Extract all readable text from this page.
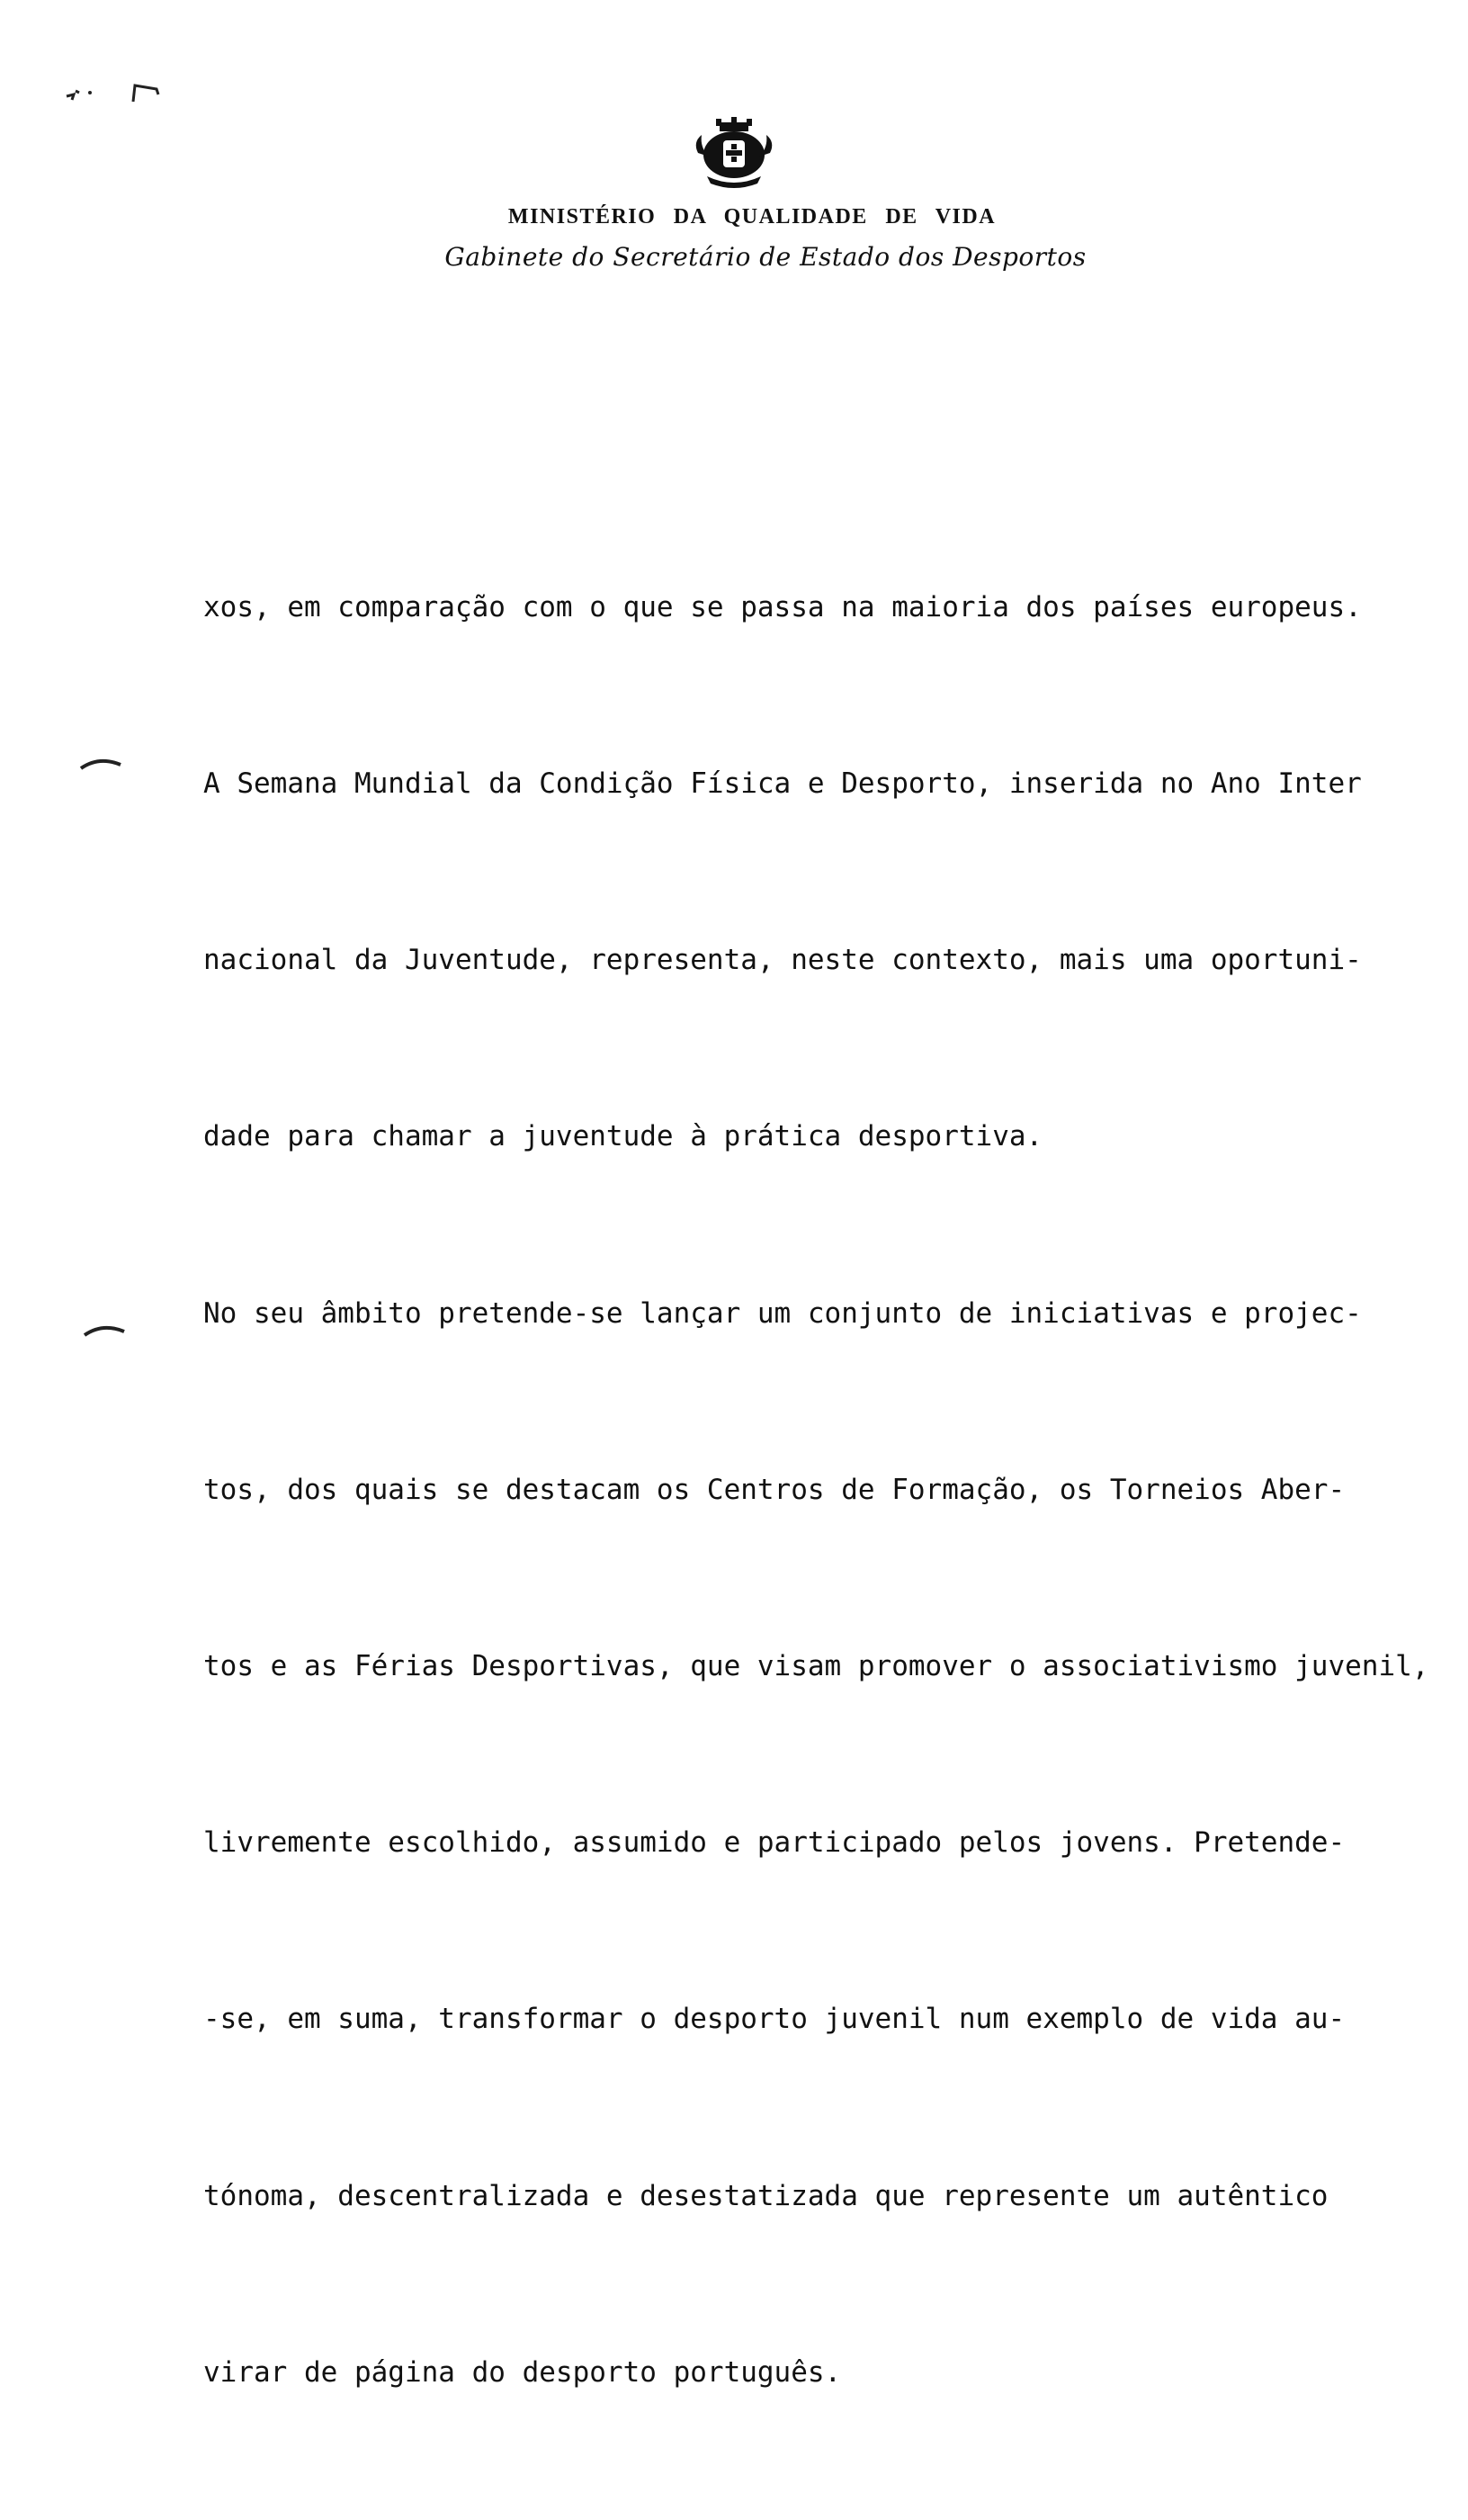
MINISTÉRIO DA QUALIDADE DE VIDA
Gabinete do Secretário de Estado dos Desportos

xos, em comparação com o que se passa na maioria dos países europeus.

A Semana Mundial da Condição Física e Desporto, inserida no Ano Inter

nacional da Juventude, representa, neste contexto, mais uma oportuni-

dade para chamar a juventude à prática desportiva.

No seu âmbito pretende-se lançar um conjunto de iniciativas e projec-

tos, dos quais se destacam os Centros de Formação, os Torneios Aber-

tos e as Férias Desportivas, que visam promover o associativismo juvenil,

livremente escolhido, assumido e participado pelos jovens. Pretende-

-se, em suma, transformar o desporto juvenil num exemplo de vida au-

tónoma, descentralizada e desestatizada que represente um autêntico

virar de página do desporto português.
